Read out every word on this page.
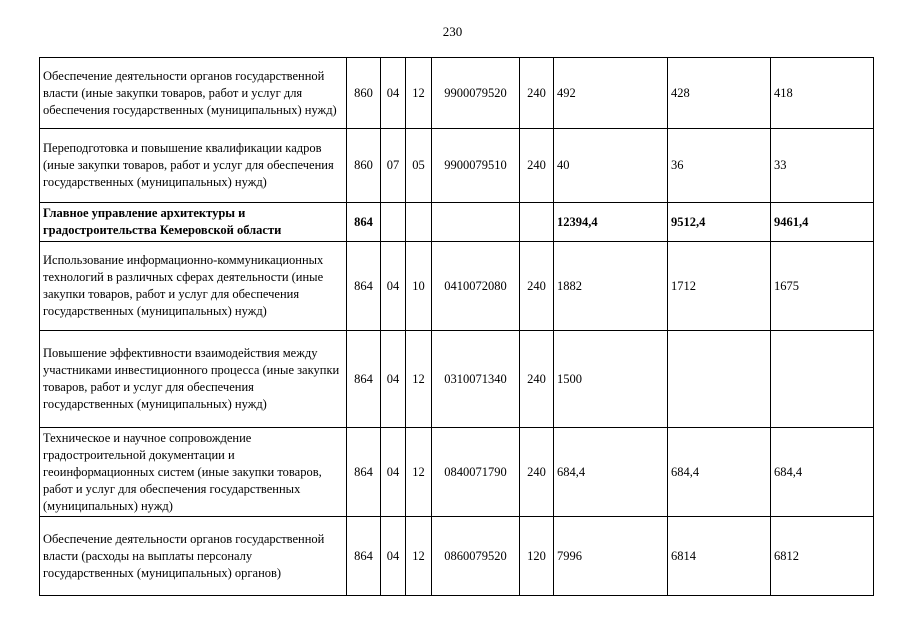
230
Обеспечение деятельности органов государственной власти (иные закупки товаров, работ и услуг для обеспечения государственных (муниципальных) нужд)	860	04	12	9900079520	240	492	428	418
Переподготовка и повышение квалификации кадров (иные закупки товаров, работ и услуг для обеспечения государственных (муниципальных) нужд)	860	07	05	9900079510	240	40	36	33
Главное управление архитектуры и градостроительства Кемеровской области	864					12394,4	9512,4	9461,4
Использование информационно-коммуникационных технологий в различных сферах деятельности (иные закупки товаров, работ и услуг для обеспечения государственных (муниципальных) нужд)	864	04	10	0410072080	240	1882	1712	1675
Повышение эффективности взаимодействия между участниками инвестиционного процесса (иные закупки товаров, работ и услуг для обеспечения государственных (муниципальных) нужд)	864	04	12	0310071340	240	1500		
Техническое и научное сопровождение градостроительной документации и геоинформационных систем (иные закупки товаров, работ и услуг для обеспечения государственных (муниципальных) нужд)	864	04	12	0840071790	240	684,4	684,4	684,4
Обеспечение деятельности органов государственной власти (расходы на выплаты персоналу государственных (муниципальных) органов)	864	04	12	0860079520	120	7996	6814	6812
